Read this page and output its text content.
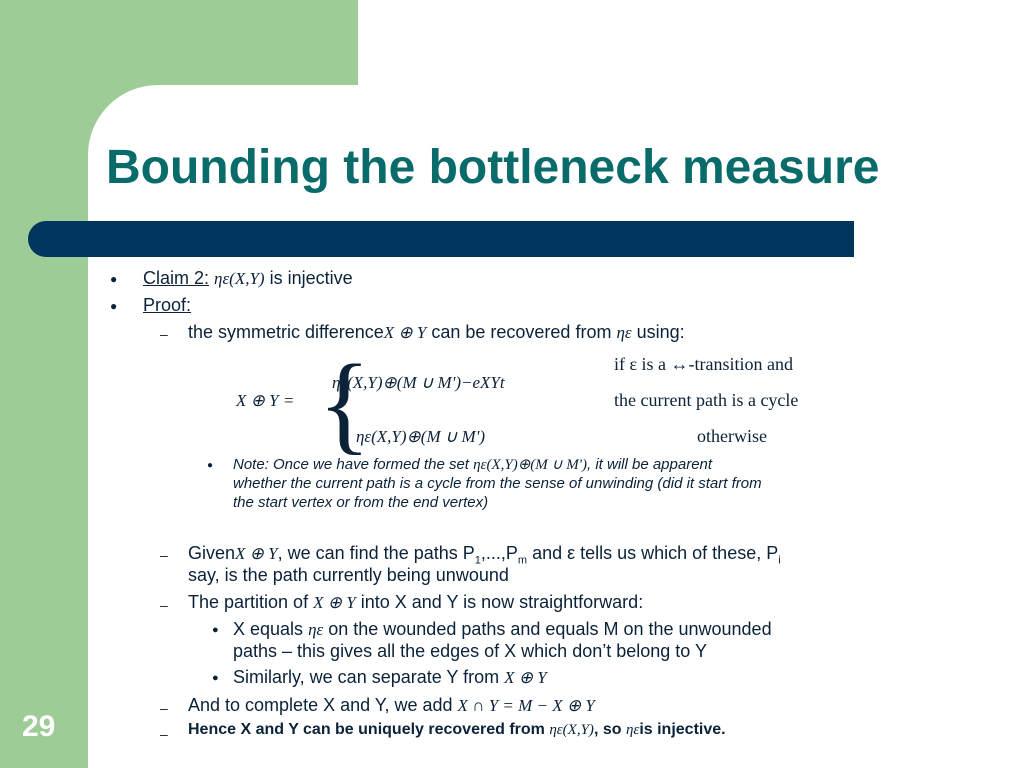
Bounding the bottleneck measure
29
● Claim 2: ηε(X,Y) is injective
● Proof:
– the symmetric differenceX ⊕ Y can be recovered from ηε using:
X ⊕ Y = {
ηε(X,Y)⊕(M ∪ M')−eXYt
if ε is a ↔-transition and
the current path is a cycle
ηε(X,Y)⊕(M ∪ M')	otherwise
● Note: Once we have formed the set ηε(X,Y)⊕(M ∪ M'), it will be apparent
whether the current path is a cycle from the sense of unwinding (did it start from
the start vertex or from the end vertex)
– GivenX ⊕ Y, we can find the paths $P_1,...,P_m$ and ε tells us which of these, $P_i$
say, is the path currently being unwound
– The partition of X ⊕ Y into X and Y is now straightforward:
● X equals ηε on the wounded paths and equals M on the unwounded
paths – this gives all the edges of X which don’t belong to Y
● Similarly, we can separate Y from X ⊕ Y
– And to complete X and Y, we add X ∩ Y = M − X ⊕ Y
– Hence X and Y can be uniquely recovered from ηε(X,Y), so ηεis injective.
